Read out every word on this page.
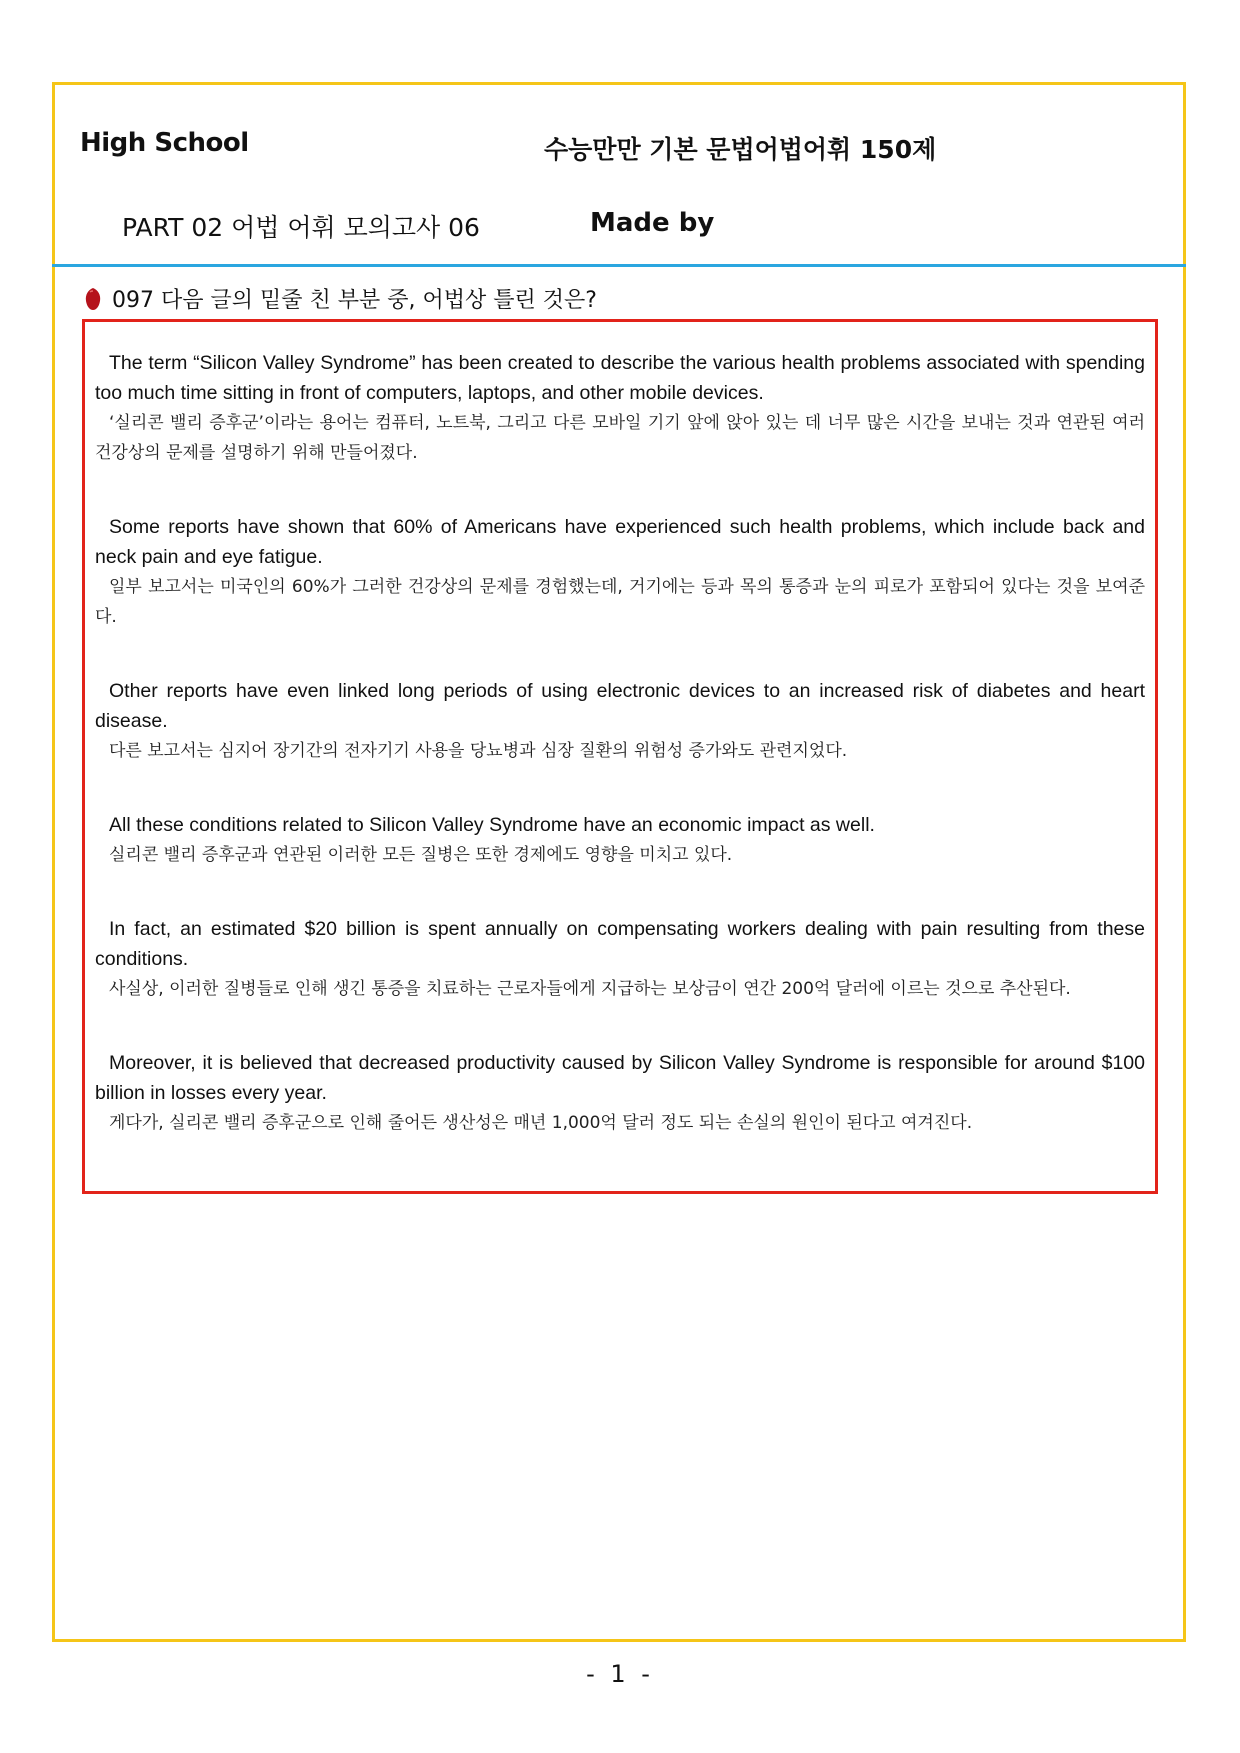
High School	수능만만 기본 문법어법어휘 150제
PART 02 어법 어휘 모의고사 06	Made by
097 다음 글의 밑줄 친 부분 중, 어법상 틀린 것은?

The term “Silicon Valley Syndrome” has been created to describe the various health problems associated with spending too much time sitting in front of computers, laptops, and other mobile devices.

‘실리콘 밸리 증후군’이라는 용어는 컴퓨터, 노트북, 그리고 다른 모바일 기기 앞에 앉아 있는 데 너무 많은 시간을 보내는 것과 연관된 여러 건강상의 문제를 설명하기 위해 만들어졌다.

Some reports have shown that 60% of Americans have experienced such health problems, which include back and neck pain and eye fatigue.

일부 보고서는 미국인의 60%가 그러한 건강상의 문제를 경험했는데, 거기에는 등과 목의 통증과 눈의 피로가 포함되어 있다는 것을 보여준다.

Other reports have even linked long periods of using electronic devices to an increased risk of diabetes and heart disease.

다른 보고서는 심지어 장기간의 전자기기 사용을 당뇨병과 심장 질환의 위험성 증가와도 관련지었다.

All these conditions related to Silicon Valley Syndrome have an economic impact as well.

실리콘 밸리 증후군과 연관된 이러한 모든 질병은 또한 경제에도 영향을 미치고 있다.

In fact, an estimated $20 billion is spent annually on compensating workers dealing with pain resulting from these conditions.

사실상, 이러한 질병들로 인해 생긴 통증을 치료하는 근로자들에게 지급하는 보상금이 연간 200억 달러에 이르는 것으로 추산된다.

Moreover, it is believed that decreased productivity caused by Silicon Valley Syndrome is responsible for around $100 billion in losses every year.

게다가, 실리콘 밸리 증후군으로 인해 줄어든 생산성은 매년 1,000억 달러 정도 되는 손실의 원인이 된다고 여겨진다.

- 1 -
